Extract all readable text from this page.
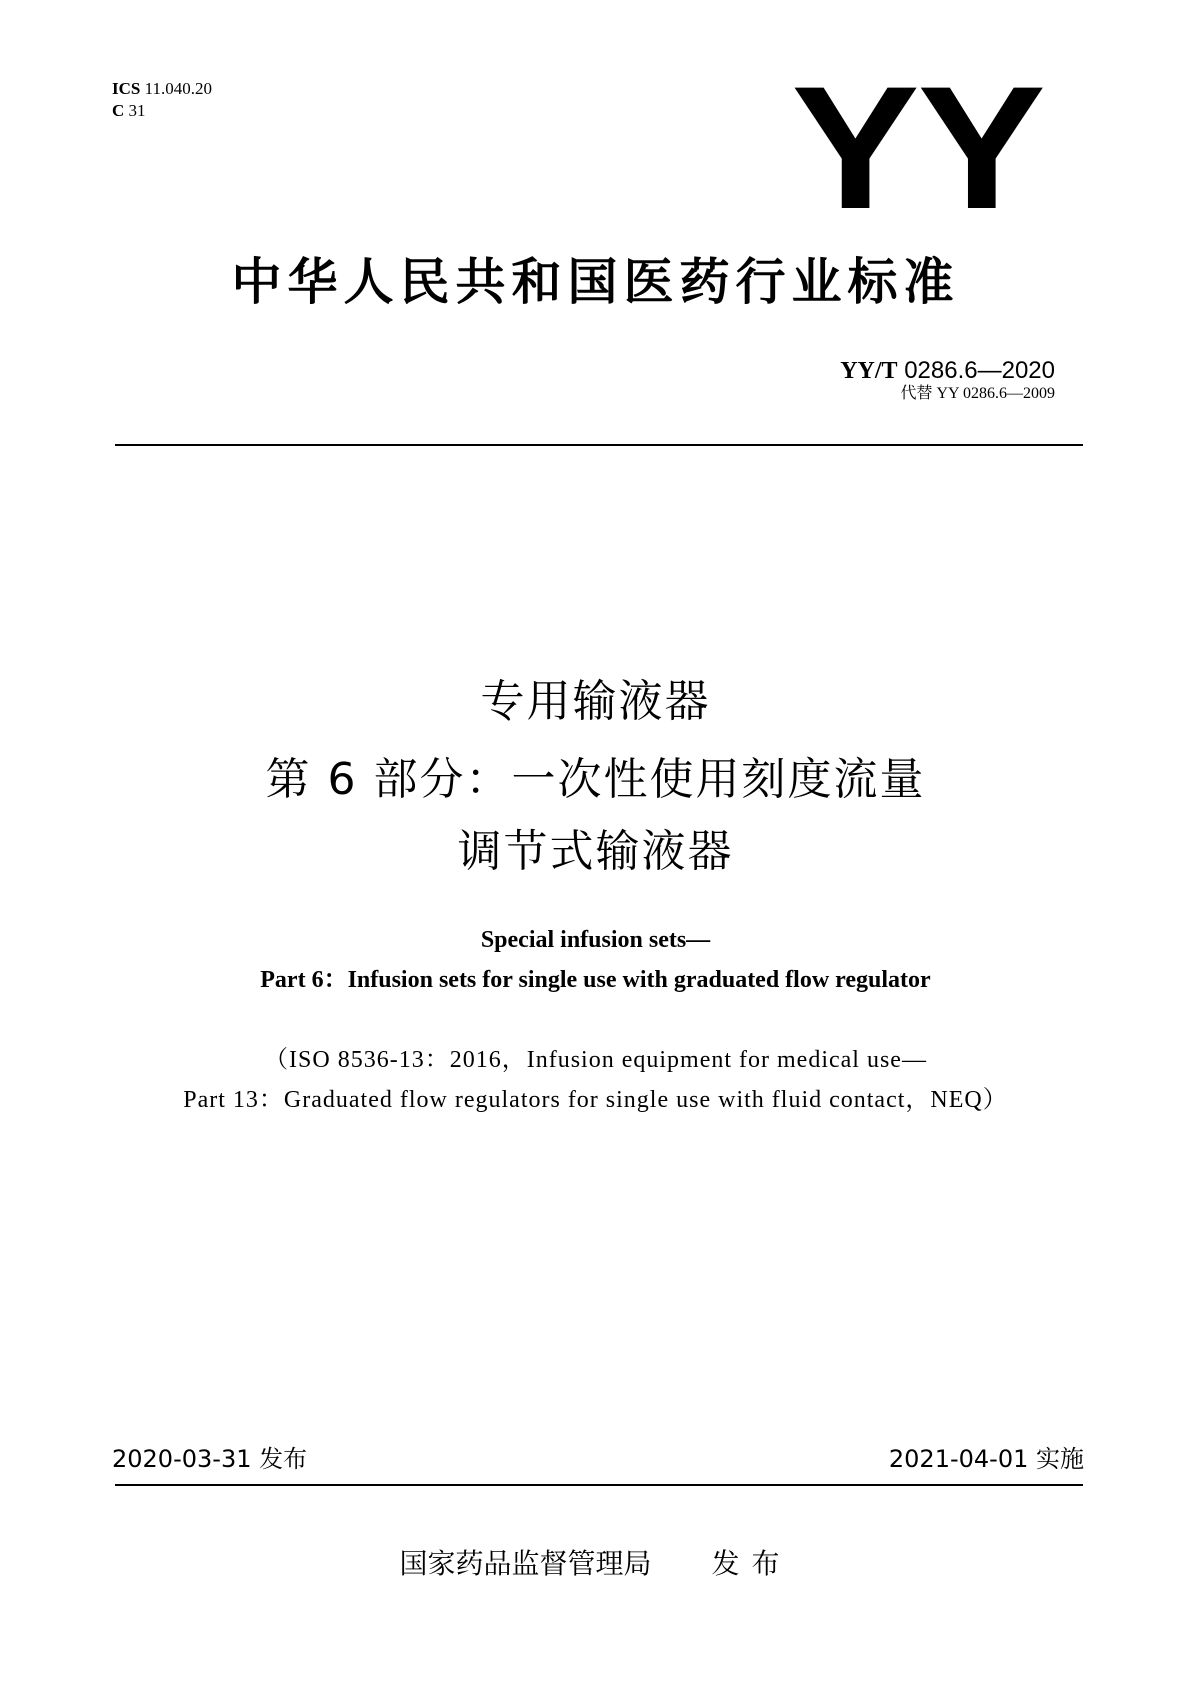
ICS 11.040.20
C 31	YY
中华人民共和国医药行业标准
YY/T 0286.6—2020
代替 YY 0286.6—2009
专用输液器
第 6 部分：一次性使用刻度流量
调节式输液器
Special infusion sets—
Part 6：Infusion sets for single use with graduated flow regulator
（ISO 8536-13：2016，Infusion equipment for medical use—
Part 13：Graduated flow regulators for single use with fluid contact，NEQ）
2020-03-31 发布	2021-04-01 实施
国家药品监督管理局 发布
